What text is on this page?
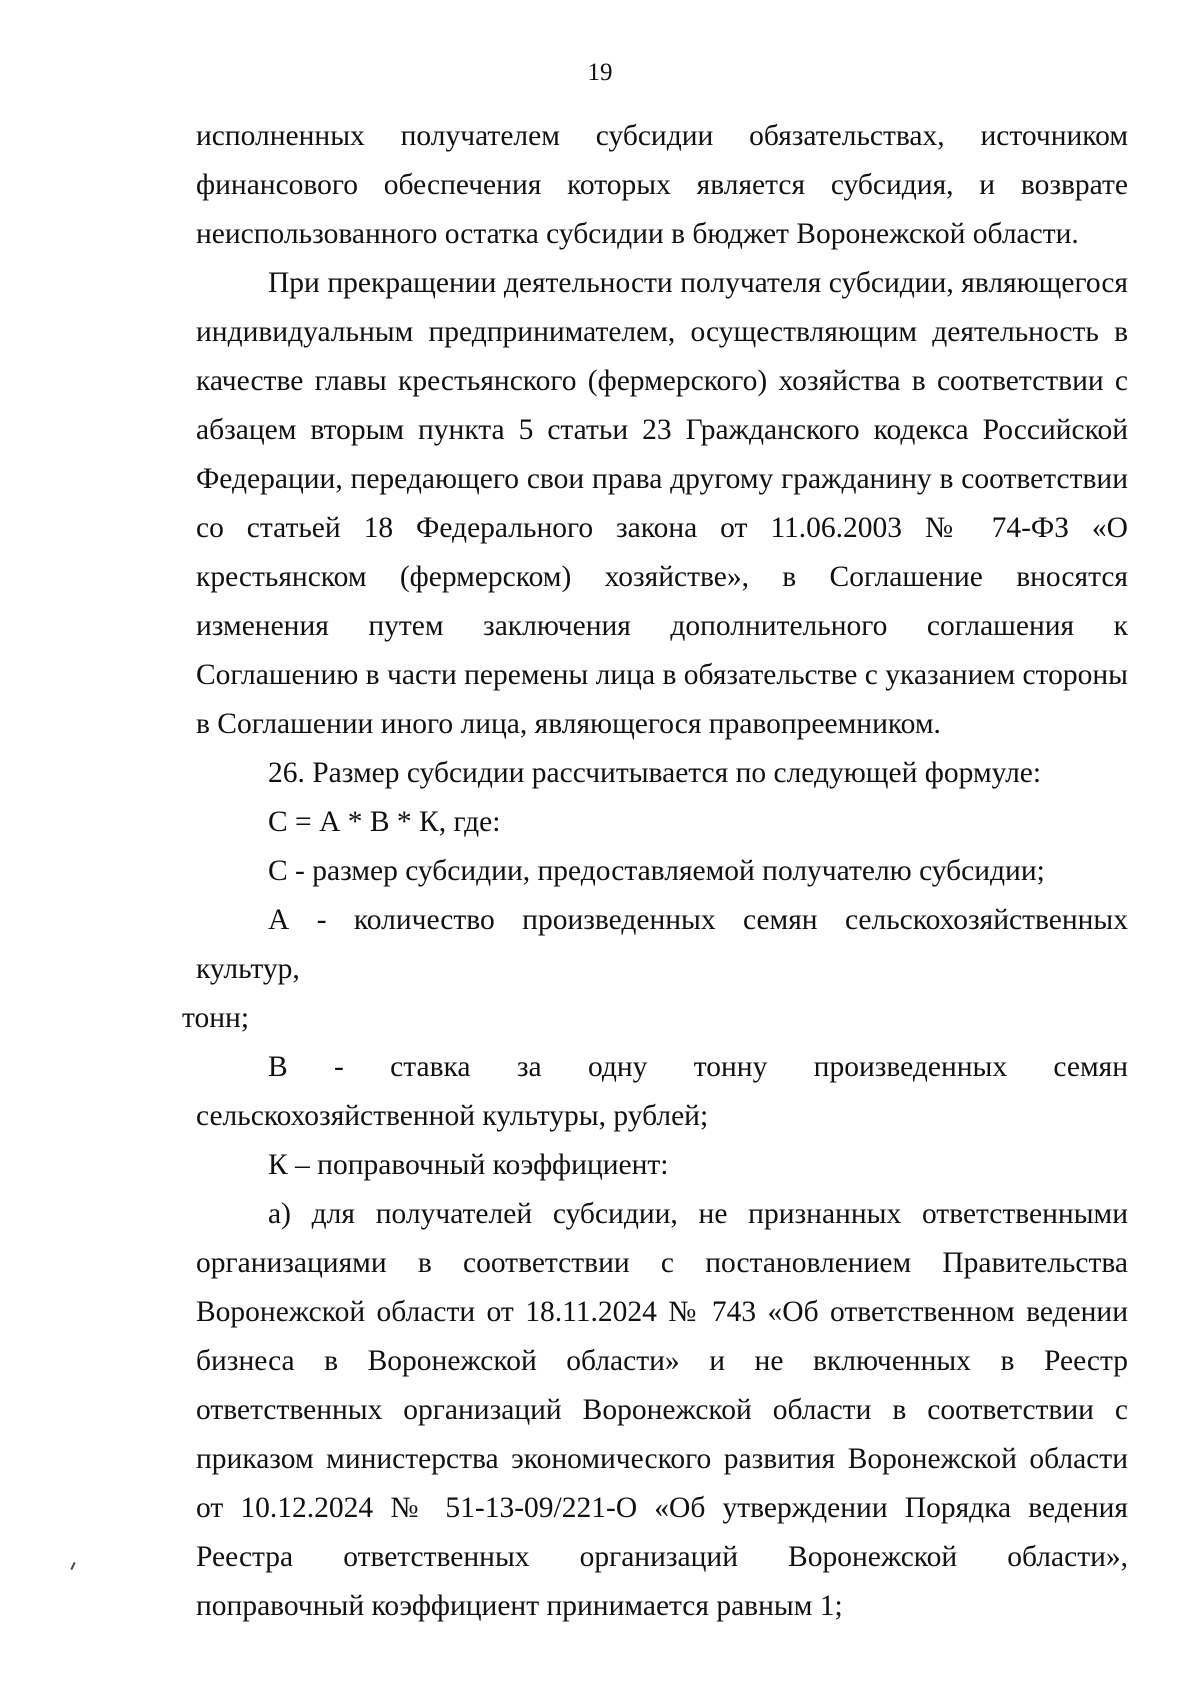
19

исполненных получателем субсидии обязательствах, источником финансового обеспечения которых является субсидия, и возврате неиспользованного остатка субсидии в бюджет Воронежской области.

При прекращении деятельности получателя субсидии, являющегося индивидуальным предпринимателем, осуществляющим деятельность в качестве главы крестьянского (фермерского) хозяйства в соответствии с абзацем вторым пункта 5 статьи 23 Гражданского кодекса Российской Федерации, передающего свои права другому гражданину в соответствии со статьей 18 Федерального закона от 11.06.2003 № 74-ФЗ «О крестьянском (фермерском) хозяйстве», в Соглашение вносятся изменения путем заключения дополнительного соглашения к Соглашению в части перемены лица в обязательстве с указанием стороны в Соглашении иного лица, являющегося правопреемником.

26. Размер субсидии рассчитывается по следующей формуле:

С = А * В * К, где:

С - размер субсидии, предоставляемой получателю субсидии;

А - количество произведенных семян сельскохозяйственных культур,

тонн;

В - ставка за одну тонну произведенных семян сельскохозяйственной культуры, рублей;

К – поправочный коэффициент:

а) для получателей субсидии, не признанных ответственными организациями в соответствии с постановлением Правительства Воронежской области от 18.11.2024 № 743 «Об ответственном ведении бизнеса в Воронежской области» и не включенных в Реестр ответственных организаций Воронежской области в соответствии с приказом министерства экономического развития Воронежской области от 10.12.2024 № 51-13-09/221-О «Об утверждении Порядка ведения Реестра ответственных организаций Воронежской области», поправочный коэффициент принимается равным 1;
